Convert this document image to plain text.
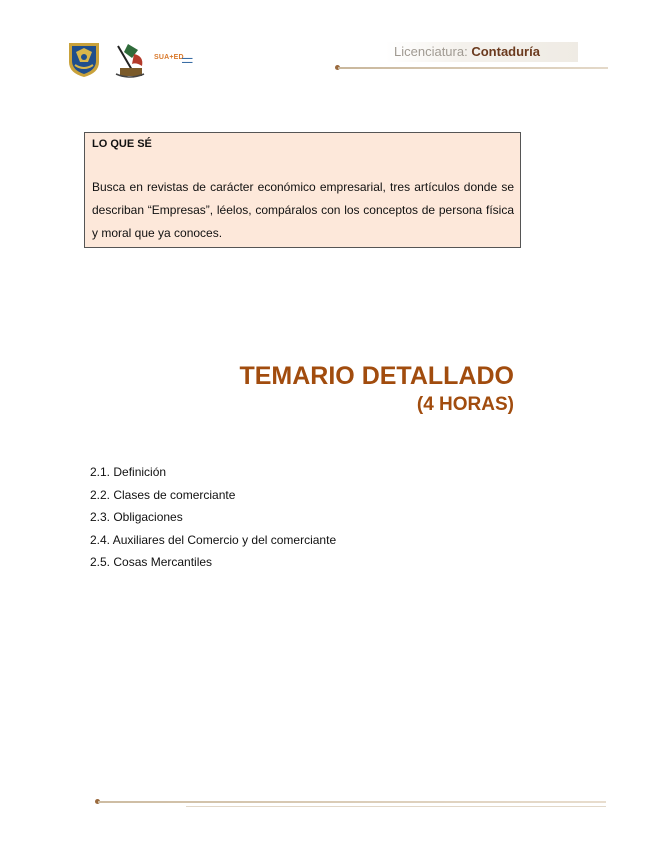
SUA+ED
▬▬▬
▬▬▬
Licenciatura: Contaduría

LO QUE SÉ

Busca en revistas de carácter económico empresarial, tres artículos donde se describan “Empresas”, léelos, compáralos con los conceptos de persona física y moral que ya conoces.

TEMARIO DETALLADO
(4 HORAS)
2.1. Definición
2.2. Clases de comerciante
2.3. Obligaciones
2.4. Auxiliares del Comercio y del comerciante
2.5. Cosas Mercantiles
